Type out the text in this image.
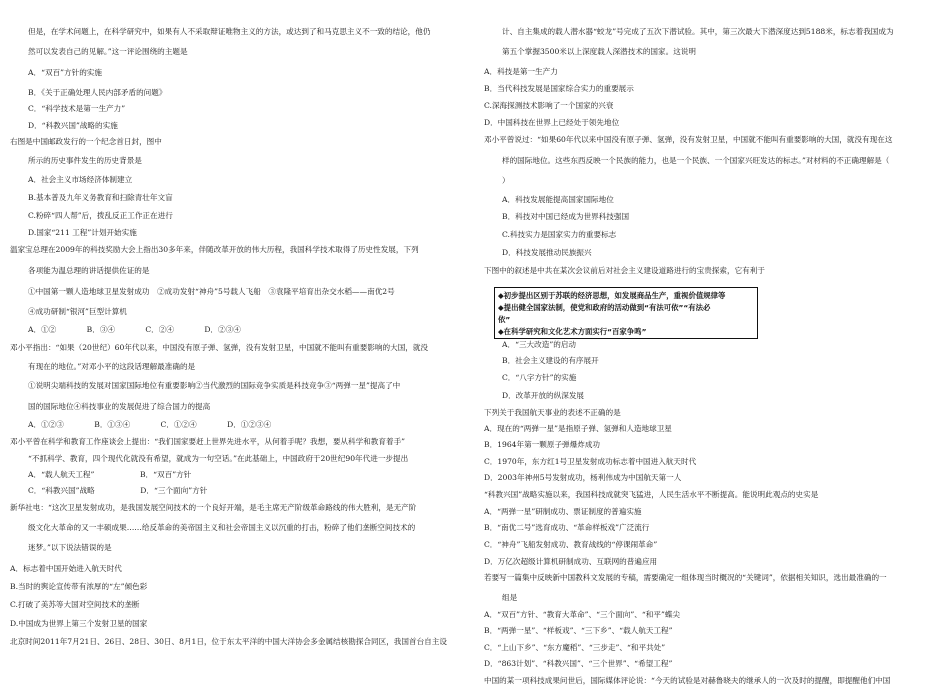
但是，在学术问题上，在科学研究中，如果有人不采取辩证唯物主义的方法，或达到了和马克思主义不一致的结论，他仍
然可以发表自己的见解。”这一评论围绕的主题是
A．“双百”方针的实施
B．《关于正确处理人民内部矛盾的问题》
C．“科学技术是第一生产力”
D．“科教兴国”战略的实施
右图是中国邮政发行的一个纪念首日封，图中
所示的历史事件发生的历史背景是
A．社会主义市场经济体制建立
B.基本普及九年义务教育和扫除青壮年文盲
C.粉碎“四人帮”后，拨乱反正工作正在进行
D.国家“211 工程”计划开始实施
温家宝总理在2009年的科技奖励大会上指出30多年来，伴随改革开放的伟大历程，我国科学技术取得了历史性发展，下列
各项能为温总理的讲话提供佐证的是
①中国第一颗人造地球卫星发射成功　②成功发射“神舟”5号载人飞船　③袁隆平培育出杂交水稻——南优2号
④成功研制“银河”巨型计算机
A．①②　　　　B．③④　　　　C．②④　　　　D．②③④
邓小平指出：“如果（20世纪）60年代以来，中国没有原子弹、氢弹，没有发射卫星，中国就不能叫有重要影响的大国，就没
有现在的地位。”对邓小平的这段话理解最准确的是
①说明尖端科技的发展对国家国际地位有重要影响②当代激烈的国际竞争实质是科技竞争③“两弹一星”提高了中
国的国际地位④科技事业的发展促进了综合国力的提高
A．①②③　　　　B．①③④　　　　C．①②④　　　　D．①②③④
邓小平曾在科学和教育工作座谈会上提出：“我们国家要赶上世界先进水平，从何着手呢？我想，要从科学和教育着手”
“不抓科学、教育，四个现代化就没有希望，就成为一句空话。”在此基础上，中国政府于20世纪90年代进一步提出
A．“载人航天工程”　　　　　　B．“双百”方针
C．“科教兴国”战略　　　　　　D．“三个面向”方针
新华社电：“这次卫星发射成功，是我国发展空间技术的一个良好开端，是毛主席无产阶级革命路线的伟大胜利，是无产阶
级文化大革命的又一丰硕成果……给反革命的美帝国主义和社会帝国主义以沉重的打击，粉碎了他们垄断空间技术的
迷梦。”以下说法错误的是
A．标志着中国开始进入航天时代
B.当时的舆论宣传带有浓厚的“左”倾色彩
C.打破了美苏等大国对空间技术的垄断
D.中国成为世界上第三个发射卫星的国家
北京时间2011年7月21日、26日、28日、30日、8月1日，位于东太平洋的中国大洋协会多金属结核勘探合同区，我国首台自主设
◆初步提出区别于苏联的经济思想，如发展商品生产，重视价值规律等
◆提出健全国家法制，使党和政府的活动做到“有法可依”“有法必
依”
◆在科学研究和文化艺术方面实行“百家争鸣”
计、自主集成的载人潜水器“蛟龙”号完成了五次下潜试验。其中，第三次最大下潜深度达到5188米，标志着我国成为
第五个掌握3500米以上深度载人深潜技术的国家。这说明
A．科技是第一生产力
B．当代科技发展是国家综合实力的重要展示
C.深海探测技术影响了一个国家的兴衰
D．中国科技在世界上已经处于领先地位
邓小平曾说过：“如果60年代以来中国没有原子弹、氢弹，没有发射卫星，中国就不能叫有重要影响的大国，就没有现在这
样的国际地位。这些东西反映一个民族的能力，也是一个民族、一个国家兴旺发达的标志。”对材料的不正确理解是（
）
A．科技发展能提高国家国际地位
B．科技对中国已经成为世界科技强国
C.科技实力是国家实力的重要标志
D．科技发展推动民族振兴
下图中的叙述是中共在某次会议前后对社会主义建设道路进行的宝贵探索，它有利于
A．“三大改造”的启动
B．社会主义建设的有序展开
C．“八字方针”的实施
D．改革开放的纵深发展
下列关于我国航天事业的表述不正确的是
A．现在的“两弹一星”是指原子弹、氢弹和人造地球卫星
B．1964年第一颗原子弹爆炸成功
C．1970年，东方红1号卫星发射成功标志着中国进入航天时代
D．2003年神州5号发射成功，杨利伟成为中国航天第一人
“科教兴国”战略实施以来，我国科技成就突飞猛进，人民生活水平不断提高。能说明此观点的史实是
A．“两弹一星”研制成功、票证制度的普遍实施
B．“南优二号”选育成功、“革命样板戏”广泛流行
C．“神舟”飞船发射成功、教育战线的“停课闹革命”
D．万亿次超级计算机研制成功、互联网的普遍应用
若要写一篇集中反映新中国教科文发展的专稿，需要确定一组体现当时概况的“关键词”，依据相关知识，选出最准确的一
组是
A．“双百”方针、“教育大革命”、“三个面向”、“和平”蝶尖
B．“两弹一星”、“样板戏”、“三下乡”、“载人航天工程”
C．“上山下乡”、“东方魔稻”、“三步走”、“和平共处”
D．“863计划”、“科教兴国”、“三个世界”、“希望工程”
中国的某一项科技成果问世后，国际媒体评论说：“今天的试验是对赫鲁晓夫的继承人的一次及时的提醒，即提醒他们中国
